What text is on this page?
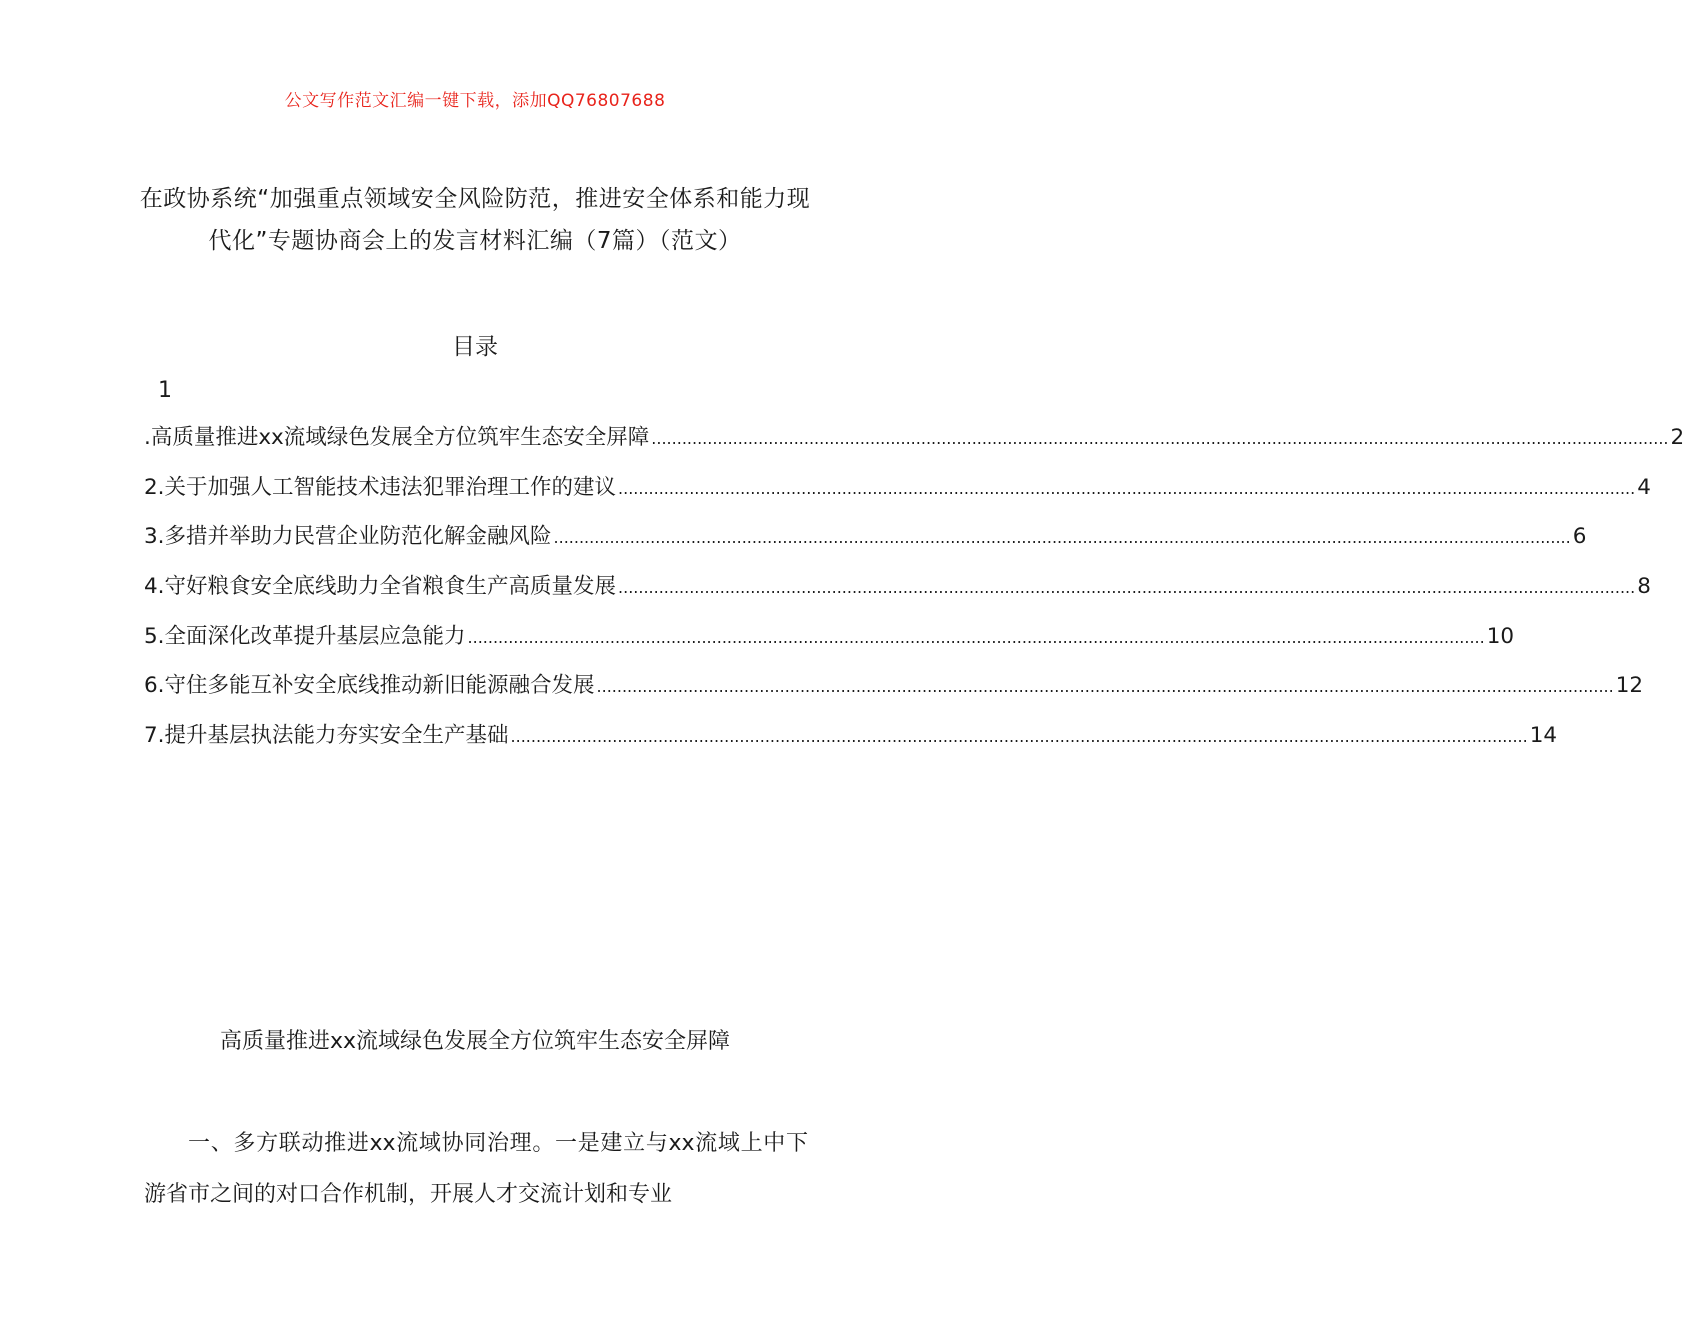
公文写作范文汇编一键下载，添加QQ76807688
在政协系统“加强重点领域安全风险防范，推进安全体系和能力现代化”专题协商会上的发言材料汇编（7篇）（范文）
目录
1
.高质量推进xx流域绿色发展全方位筑牢生态安全屏障 ........................................................................................................................................................................................................ 2
2.关于加强人工智能技术违法犯罪治理工作的建议 ........................................................................................................................................................................................................ 4
3.多措并举助力民营企业防范化解金融风险 ........................................................................................................................................................................................................ 6
4.守好粮食安全底线助力全省粮食生产高质量发展 ........................................................................................................................................................................................................ 8
5.全面深化改革提升基层应急能力 ........................................................................................................................................................................................................ 10
6.守住多能互补安全底线推动新旧能源融合发展 ........................................................................................................................................................................................................ 12
7.提升基层执法能力夯实安全生产基础 ........................................................................................................................................................................................................ 14
高质量推进xx流域绿色发展全方位筑牢生态安全屏障
一、多方联动推进xx流域协同治理。一是建立与xx流域上中下游省市之间的对口合作机制，开展人才交流计划和专业
